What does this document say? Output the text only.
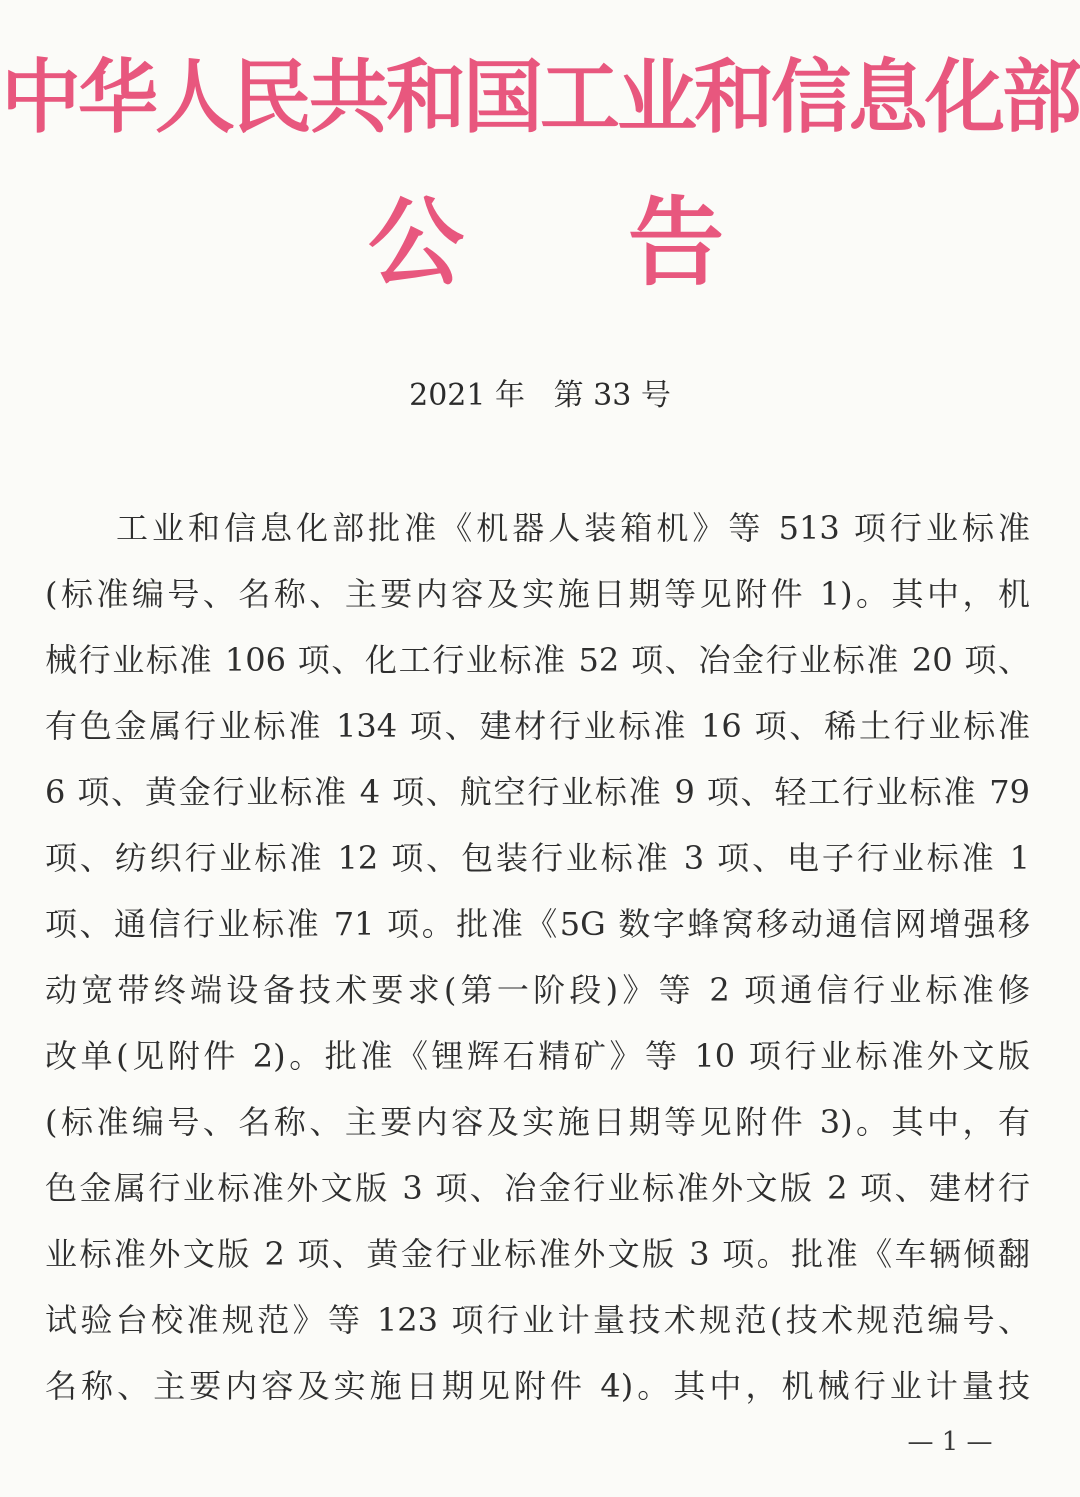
中华人民共和国工业和信息化部
公 告
2021 年   第 33 号
工业和信息化部批准《机器人装箱机》等 513 项行业标准
(标准编号、名称、主要内容及实施日期等见附件 1)。其中，机
械行业标准 106 项、化工行业标准 52 项、冶金行业标准 20 项、
有色金属行业标准 134 项、建材行业标准 16 项、稀土行业标准
6 项、黄金行业标准 4 项、航空行业标准 9 项、轻工行业标准 79
项、纺织行业标准 12 项、包装行业标准 3 项、电子行业标准 1
项、通信行业标准 71 项。批准《5G 数字蜂窝移动通信网增强移
动宽带终端设备技术要求(第一阶段)》等 2 项通信行业标准修
改单(见附件 2)。批准《锂辉石精矿》等 10 项行业标准外文版
(标准编号、名称、主要内容及实施日期等见附件 3)。其中，有
色金属行业标准外文版 3 项、冶金行业标准外文版 2 项、建材行
业标准外文版 2 项、黄金行业标准外文版 3 项。批准《车辆倾翻
试验台校准规范》等 123 项行业计量技术规范(技术规范编号、
名称、主要内容及实施日期见附件 4)。其中，机械行业计量技
— 1 —
